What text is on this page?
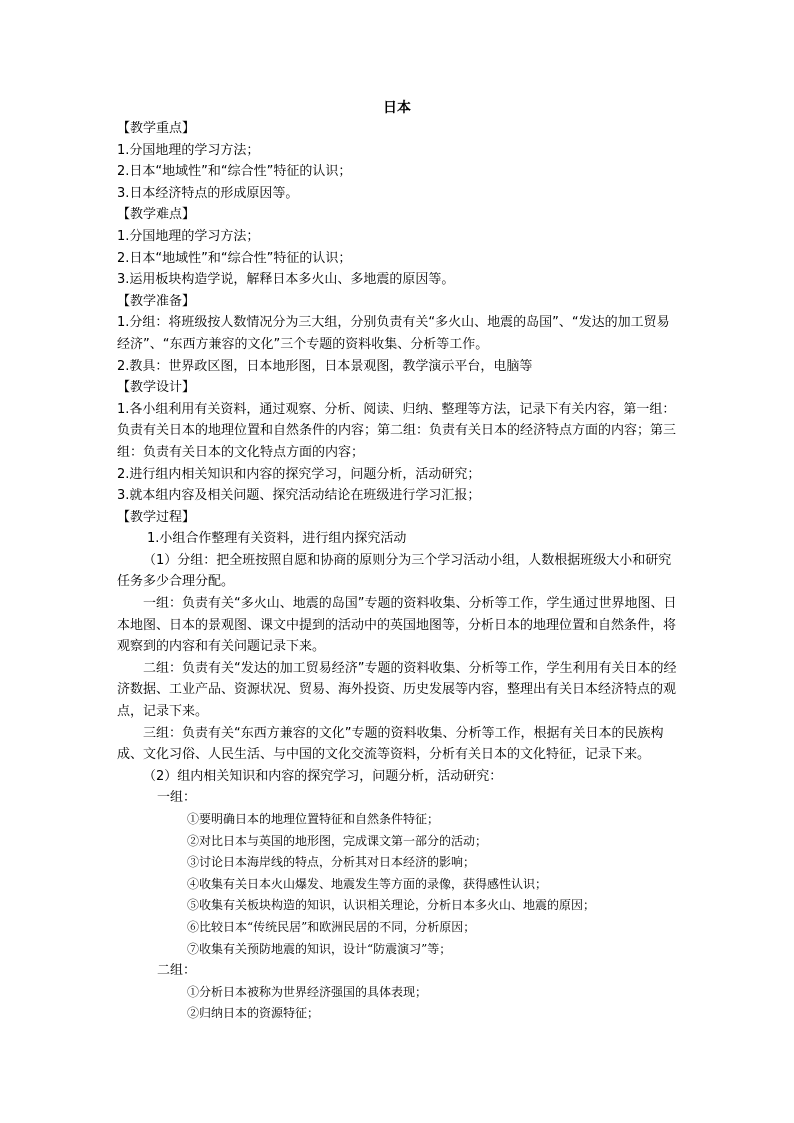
日本

【教学重点】

1.分国地理的学习方法；

2.日本“地域性”和“综合性”特征的认识；

3.日本经济特点的形成原因等。

【教学难点】

1.分国地理的学习方法；

2.日本“地域性”和“综合性”特征的认识；

3.运用板块构造学说，解释日本多火山、多地震的原因等。

【教学准备】

1.分组：将班级按人数情况分为三大组，分别负责有关“多火山、地震的岛国”、“发达的加工贸易经济”、“东西方兼容的文化”三个专题的资料收集、分析等工作。

2.教具：世界政区图，日本地形图，日本景观图，教学演示平台，电脑等

【教学设计】

1.各小组利用有关资料，通过观察、分析、阅读、归纳、整理等方法，记录下有关内容，第一组：负责有关日本的地理位置和自然条件的内容；第二组：负责有关日本的经济特点方面的内容；第三组：负责有关日本的文化特点方面的内容；

2.进行组内相关知识和内容的探究学习，问题分析，活动研究；

3.就本组内容及相关问题、探究活动结论在班级进行学习汇报；

【教学过程】

1.小组合作整理有关资料，进行组内探究活动

（1）分组：把全班按照自愿和协商的原则分为三个学习活动小组，人数根据班级大小和研究任务多少合理分配。

一组：负责有关“多火山、地震的岛国”专题的资料收集、分析等工作，学生通过世界地图、日本地图、日本的景观图、课文中提到的活动中的英国地图等，分析日本的地理位置和自然条件，将观察到的内容和有关问题记录下来。

二组：负责有关“发达的加工贸易经济”专题的资料收集、分析等工作，学生利用有关日本的经济数据、工业产品、资源状况、贸易、海外投资、历史发展等内容，整理出有关日本经济特点的观点，记录下来。

三组：负责有关“东西方兼容的文化”专题的资料收集、分析等工作，根据有关日本的民族构成、文化习俗、人民生活、与中国的文化交流等资料，分析有关日本的文化特征，记录下来。

（2）组内相关知识和内容的探究学习，问题分析，活动研究：

一组：

①要明确日本的地理位置特征和自然条件特征；

②对比日本与英国的地形图，完成课文第一部分的活动；

③讨论日本海岸线的特点，分析其对日本经济的影响；

④收集有关日本火山爆发、地震发生等方面的录像，获得感性认识；

⑤收集有关板块构造的知识，认识相关理论，分析日本多火山、地震的原因；

⑥比较日本“传统民居”和欧洲民居的不同，分析原因；

⑦收集有关预防地震的知识，设计“防震演习”等；

二组：

①分析日本被称为世界经济强国的具体表现；

②归纳日本的资源特征；
